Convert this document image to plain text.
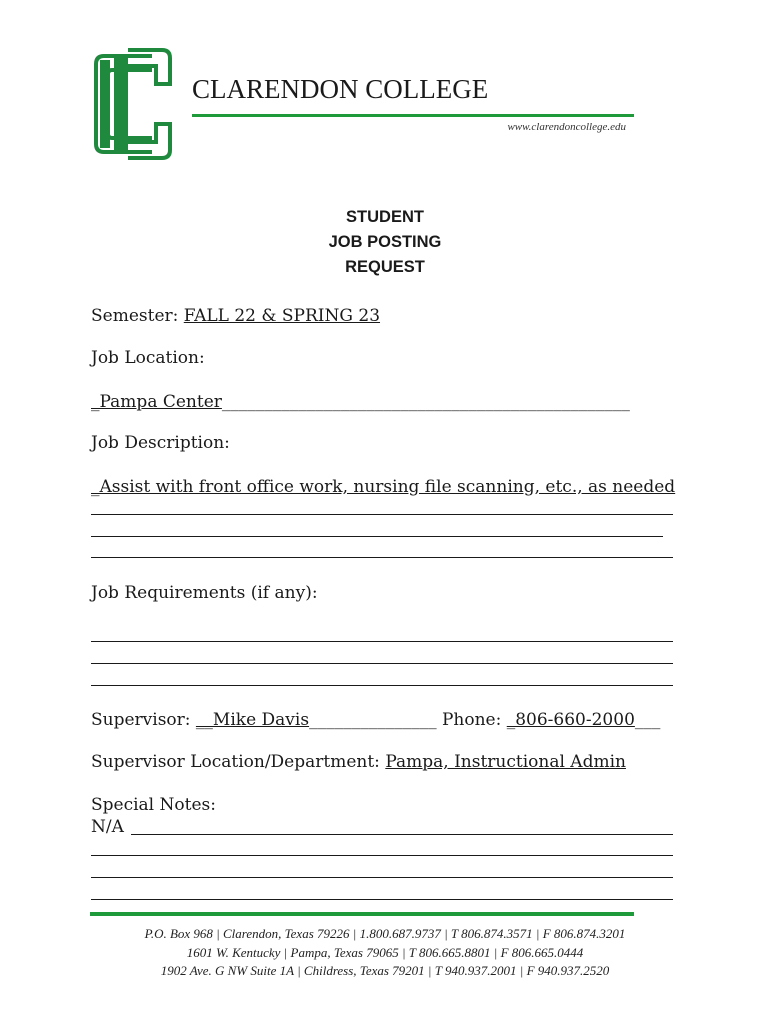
CLARENDON COLLEGE
www.clarendoncollege.edu
STUDENT
JOB POSTING
REQUEST
Semester: FALL 22 & SPRING 23
Job Location:
_Pampa Center________________________________________________
Job Description:
_Assist with front office work, nursing file scanning, etc., as needed
Job Requirements (if any):
Supervisor: __Mike Davis_______________ Phone: _806-660-2000___
Supervisor Location/Department: Pampa, Instructional Admin
Special Notes:
N/A
P.O. Box 968 | Clarendon, Texas 79226 | 1.800.687.9737 | T 806.874.3571 | F 806.874.3201
1601 W. Kentucky | Pampa, Texas 79065 | T 806.665.8801 | F 806.665.0444
1902 Ave. G NW Suite 1A | Childress, Texas 79201 | T 940.937.2001 | F 940.937.2520
